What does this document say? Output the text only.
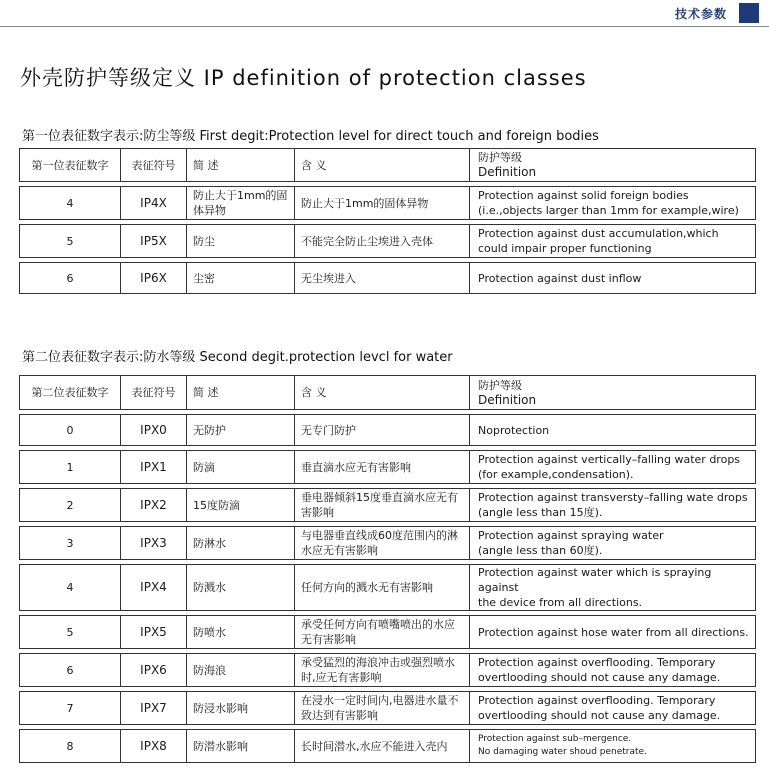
技术参数
外壳防护等级定义 IP definition of protection classes
第一位表征数字表示:防尘等级 First degit:Protection level for direct touch and foreign bodies
第一位表征数字	表征符号	简 述	含 义	防护等级
Definition

4	IP4X	防止大于1mm的固体异物	防止大于1mm的固体异物	Protection against solid foreign bodies
(i.e.,objects larger than 1mm for example,wire)

5	IP5X	防尘	不能完全防止尘埃进入壳体	Protection against dust accumulation,which
could impair proper functioning

6	IP6X	尘密	无尘埃进入	Protection against dust inflow
第二位表征数字表示:防水等级 Second degit.protection levcl for water
第二位表征数字	表征符号	简 述	含 义	防护等级
Definition

0	IPX0	无防护	无专门防护	Noprotection

1	IPX1	防滴	垂直滴水应无有害影响	Protection against vertically–falling water drops
(for example,condensation).

2	IPX2	15度防滴	垂电器倾斜15度垂直滴水应无有害影响	Protection against transversty–falling wate drops
(angle less than 15度).

3	IPX3	防淋水	与电器垂直线成60度范围内的淋水应无有害影响	Protection against spraying water
(angle less than 60度).

4	IPX4	防溅水	任何方向的溅水无有害影响	Protection against water which is spraying against
the device from all directions.

5	IPX5	防喷水	承受任何方向有喷嘴喷出的水应无有害影响	Protection against hose water from all directions.

6	IPX6	防海浪	承受猛烈的海浪冲击或强烈喷水时,应无有害影响	Protection against overflooding. Temporary
overtlooding should not cause any damage.

7	IPX7	防浸水影响	在浸水一定时间内,电器进水量不致达到有害影响	Protection against overflooding. Temporary
overtlooding should not cause any damage.

8	IPX8	防潜水影响	长时间潜水,水应不能进入壳内	Protection against sub–mergence.
No damaging water shoud penetrate.
